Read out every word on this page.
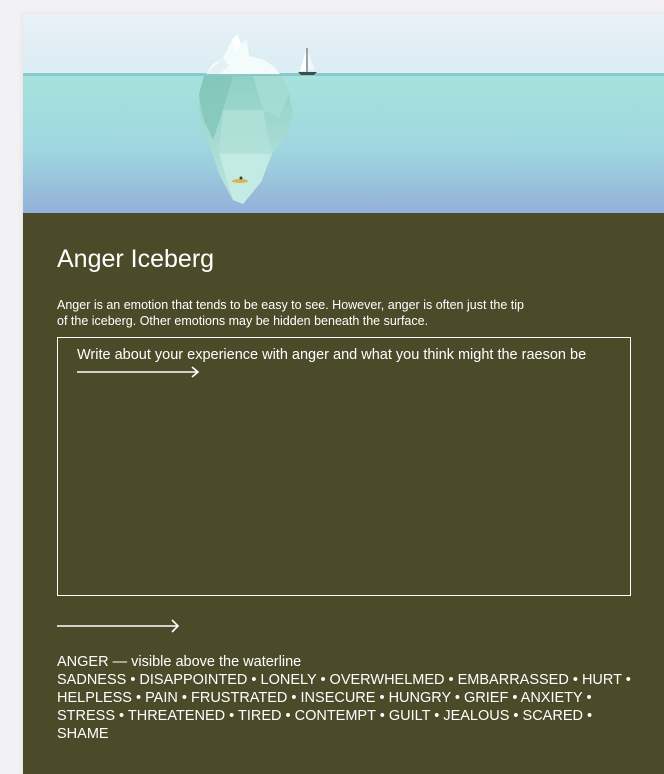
Anger Iceberg

Anger is an emotion that tends to be easy to see. However, anger is often just the tip of the iceberg. Other emotions may be hidden beneath the surface.

Write about your experience with anger and what you think might the raeson be

ANGER — visible above the waterline

SADNESS • DISAPPOINTED • LONELY • OVERWHELMED • EMBARRASSED • HURT • HELPLESS • PAIN • FRUSTRATED • INSECURE • HUNGRY • GRIEF • ANXIETY • STRESS • THREATENED • TIRED • CONTEMPT • GUILT • JEALOUS • SCARED • SHAME
